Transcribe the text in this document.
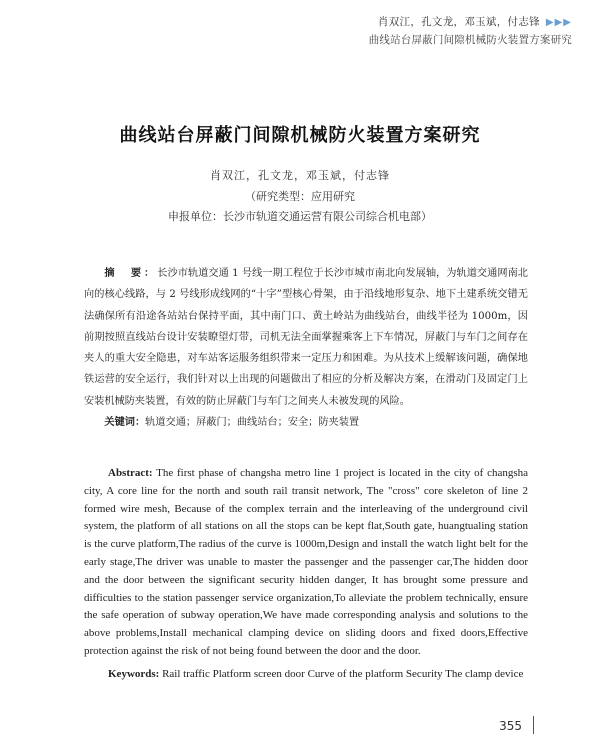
肖双江，孔文龙，邓玉斌，付志锋 ▶▶▶
曲线站台屏蔽门间隙机械防火装置方案研究
曲线站台屏蔽门间隙机械防火装置方案研究
肖双江，孔文龙，邓玉斌，付志锋
（研究类型：应用研究
申报单位：长沙市轨道交通运营有限公司综合机电部）

摘　要：长沙市轨道交通 1 号线一期工程位于长沙市城市南北向发展轴，为轨道交通网南北向的核心线路，与 2 号线形成线网的“十字”型核心骨架，由于沿线地形复杂、地下土建系统交错无法确保所有沿途各站站台保持平面，其中南门口、黄土岭站为曲线站台，曲线半径为 1000m，因前期按照直线站台设计安装瞭望灯带，司机无法全面掌握乘客上下车情况，屏蔽门与车门之间存在夹人的重大安全隐患，对车站客运服务组织带来一定压力和困难。为从技术上缓解该问题，确保地铁运营的安全运行，我们针对以上出现的问题做出了相应的分析及解决方案，在滑动门及固定门上安装机械防夹装置，有效的防止屏蔽门与车门之间夹人未被发现的风险。

关键词：轨道交通；屏蔽门；曲线站台；安全；防夹装置

Abstract: The first phase of changsha metro line 1 project is located in the city of changsha city, A core line for the north and south rail transit network, The "cross" core skeleton of line 2 formed wire mesh, Because of the complex terrain and the interleaving of the underground civil system, the platform of all stations on all the stops can be kept flat,South gate, huangtualing station is the curve platform,The radius of the curve is 1000m,Design and install the watch light belt for the early stage,The driver was unable to master the passenger and the passenger car,The hidden door and the door between the significant security hidden danger, It has brought some pressure and difficulties to the station passenger service organization,To alleviate the problem technically, ensure the safe operation of subway operation,We have made corresponding analysis and solutions to the above problems,Install mechanical clamping device on sliding doors and fixed doors,Effective protection against the risk of not being found between the door and the door.

Keywords: Rail traffic Platform screen door Curve of the platform Security The clamp device

355
